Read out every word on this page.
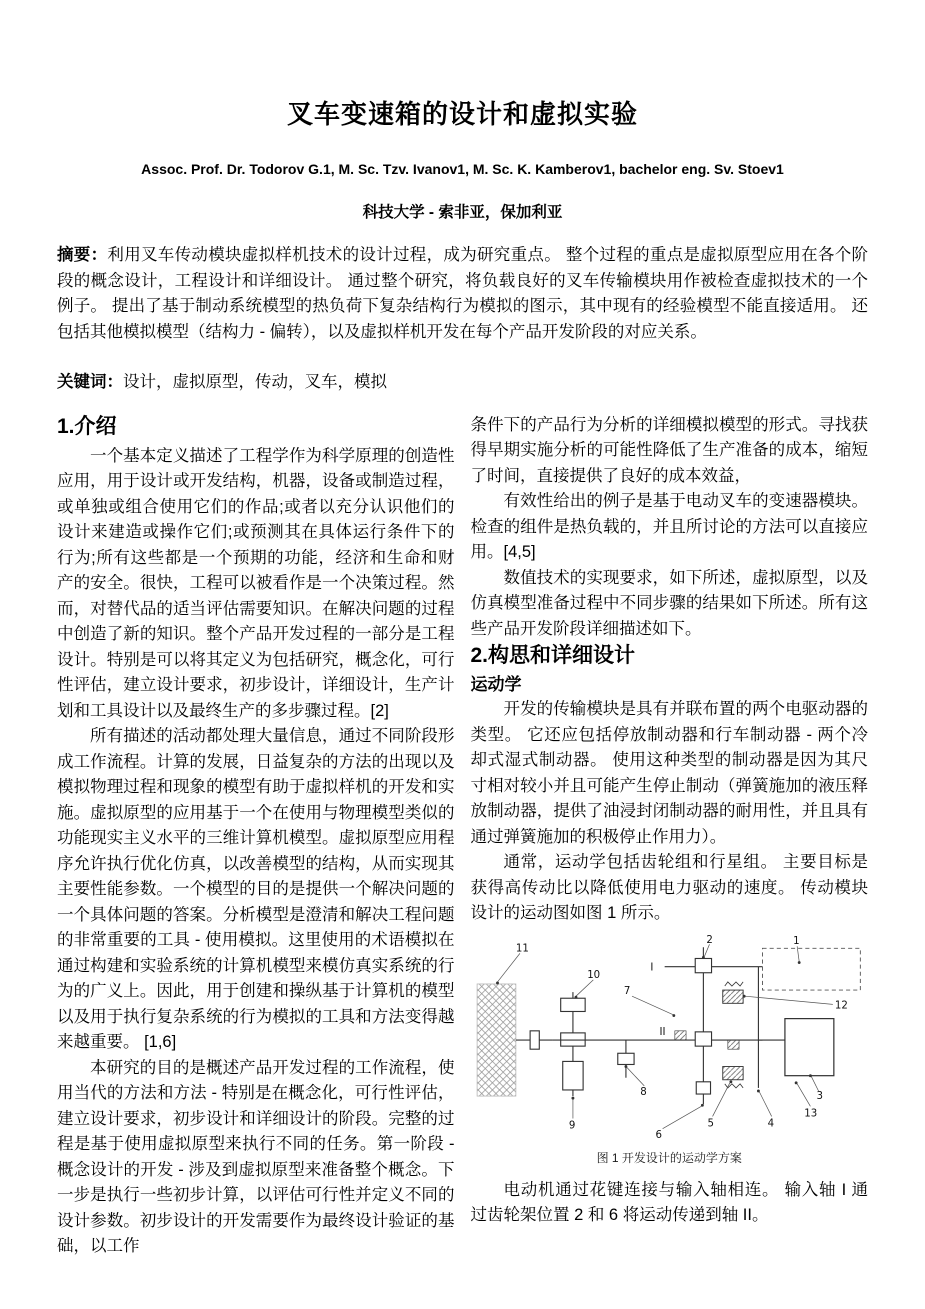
叉车变速箱的设计和虚拟实验
Assoc. Prof. Dr. Todorov G.1, M. Sc. Tzv. Ivanov1, M. Sc. K. Kamberov1, bachelor eng. Sv. Stoev1
科技大学 - 索非亚，保加利亚

摘要：利用叉车传动模块虚拟样机技术的设计过程，成为研究重点。 整个过程的重点是虚拟原型应用在各个阶段的概念设计，工程设计和详细设计。 通过整个研究，将负载良好的叉车传输模块用作被检查虚拟技术的一个例子。 提出了基于制动系统模型的热负荷下复杂结构行为模拟的图示，其中现有的经验模型不能直接适用。 还包括其他模拟模型（结构力 - 偏转），以及虚拟样机开发在每个产品开发阶段的对应关系。

关键词：设计，虚拟原型，传动，叉车，模拟

1.介绍

一个基本定义描述了工程学作为科学原理的创造性应用，用于设计或开发结构，机器，设备或制造过程，或单独或组合使用它们的作品;或者以充分认识他们的设计来建造或操作它们;或预测其在具体运行条件下的行为;所有这些都是一个预期的功能，经济和生命和财产的安全。很快，工程可以被看作是一个决策过程。然而，对替代品的适当评估需要知识。在解决问题的过程中创造了新的知识。整个产品开发过程的一部分是工程设计。特别是可以将其定义为包括研究，概念化，可行性评估，建立设计要求，初步设计，详细设计，生产计划和工具设计以及最终生产的多步骤过程。[2]

所有描述的活动都处理大量信息，通过不同阶段形成工作流程。计算的发展，日益复杂的方法的出现以及模拟物理过程和现象的模型有助于虚拟样机的开发和实施。虚拟原型的应用基于一个在使用与物理模型类似的功能现实主义水平的三维计算机模型。虚拟原型应用程序允许执行优化仿真，以改善模型的结构，从而实现其主要性能参数。一个模型的目的是提供一个解决问题的一个具体问题的答案。分析模型是澄清和解决工程问题的非常重要的工具 - 使用模拟。这里使用的术语模拟在通过构建和实验系统的计算机模型来模仿真实系统的行为的广义上。因此，用于创建和操纵基于计算机的模型以及用于执行复杂系统的行为模拟的工具和方法变得越来越重要。 [1,6]

本研究的目的是概述产品开发过程的工作流程，使用当代的方法和方法 - 特别是在概念化，可行性评估，建立设计要求，初步设计和详细设计的阶段。完整的过程是基于使用虚拟原型来执行不同的任务。第一阶段 - 概念设计的开发 - 涉及到虚拟原型来准备整个概念。下一步是执行一些初步计算，以评估可行性并定义不同的设计参数。初步设计的开发需要作为最终设计验证的基础，以工作

条件下的产品行为分析的详细模拟模型的形式。寻找获得早期实施分析的可能性降低了生产准备的成本，缩短了时间，直接提供了良好的成本效益，

有效性给出的例子是基于电动叉车的变速器模块。检查的组件是热负载的，并且所讨论的方法可以直接应用。[4,5]

数值技术的实现要求，如下所述，虚拟原型，以及仿真模型准备过程中不同步骤的结果如下所述。所有这些产品开发阶段详细描述如下。

2.构思和详细设计
运动学

开发的传输模块是具有并联布置的两个电驱动器的类型。 它还应包括停放制动器和行车制动器 - 两个冷却式湿式制动器。 使用这种类型的制动器是因为其尺寸相对较小并且可能产生停止制动（弹簧施加的液压释放制动器，提供了油浸封闭制动器的耐用性，并且具有通过弹簧施加的积极停止作用力）。

通常，运动学包括齿轮组和行星组。 主要目标是获得高传动比以降低使用电力驱动的速度。 传动模块设计的运动图如图 1 所示。

11
10
2	1
7
12
8
9
6
5	4
13
3
I
II
图 1 开发设计的运动学方案

电动机通过花键连接与输入轴相连。 输入轴 I 通过齿轮架位置 2 和 6 将运动传递到轴 II。
